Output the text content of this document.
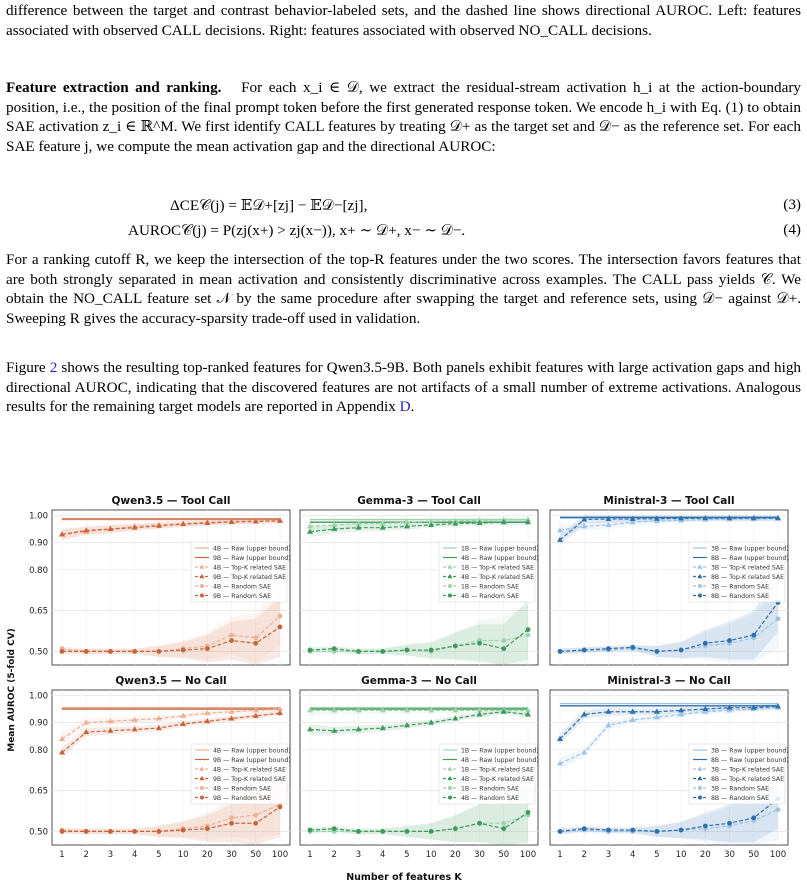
difference between the target and contrast behavior-labeled sets, and the dashed line shows directional AUROC. Left: features associated with observed CALL decisions. Right: features associated with observed NO_CALL decisions.

Feature extraction and ranking. For each x_i ∈ 𝒟, we extract the residual-stream activation h_i at the action-boundary position, i.e., the position of the final prompt token before the first generated response token. We encode h_i with Eq. (1) to obtain SAE activation z_i ∈ ℝ^M. We first identify CALL features by treating 𝒟+ as the target set and 𝒟− as the reference set. For each SAE feature j, we compute the mean activation gap and the directional AUROC:

ΔCE𝒞(j) = 𝔼𝒟+[zj] − 𝔼𝒟−[zj],	(3)
AUROC𝒞(j) = P(zj(x+) > zj(x−)), x+ ∼ 𝒟+, x− ∼ 𝒟−.	(4)

For a ranking cutoff R, we keep the intersection of the top-R features under the two scores. The intersection favors features that are both strongly separated in mean activation and consistently discriminative across examples. The CALL pass yields 𝒞. We obtain the NO_CALL feature set 𝒩 by the same procedure after swapping the target and reference sets, using 𝒟− against 𝒟+. Sweeping R gives the accuracy-sparsity trade-off used in validation.

Figure 2 shows the resulting top-ranked features for Qwen3.5-9B. Both panels exhibit features with large activation gaps and high directional AUROC, indicating that the discovered features are not artifacts of a small number of extreme activations. Analogous results for the remaining target models are reported in Appendix D.

Qwen3.5 — Tool Call
0.50
0.65
0.80
0.90
1.00
4B — Raw (upper bound)
9B — Raw (upper bound)
4B — Top-K related SAE
9B — Top-K related SAE
4B — Random SAE
9B — Random SAE
Gemma-3 — Tool Call
1B — Raw (upper bound)
4B — Raw (upper bound)
1B — Top-K related SAE
4B — Top-K related SAE
1B — Random SAE
4B — Random SAE
Ministral-3 — Tool Call
3B — Raw (upper bound)
8B — Raw (upper bound)
3B — Top-K related SAE
8B — Top-K related SAE
3B — Random SAE
8B — Random SAE
Qwen3.5 — No Call
0.50
0.65
0.80
0.90
1.00
1 2 3 4 5 10 20 30 50 100
4B — Raw (upper bound)
9B — Raw (upper bound)
4B — Top-K related SAE
9B — Top-K related SAE
4B — Random SAE
9B — Random SAE
Gemma-3 — No Call
1 2 3 4 5 10 20 30 50 100
1B — Raw (upper bound)
4B — Raw (upper bound)
1B — Top-K related SAE
4B — Top-K related SAE
1B — Random SAE
4B — Random SAE
Ministral-3 — No Call
1 2 3 4 5 10 20 30 50 100
3B — Raw (upper bound)
8B — Raw (upper bound)
3B — Top-K related SAE
8B — Top-K related SAE
3B — Random SAE
8B — Random SAE
Mean AUROC (5-fold CV)
Number of features K
